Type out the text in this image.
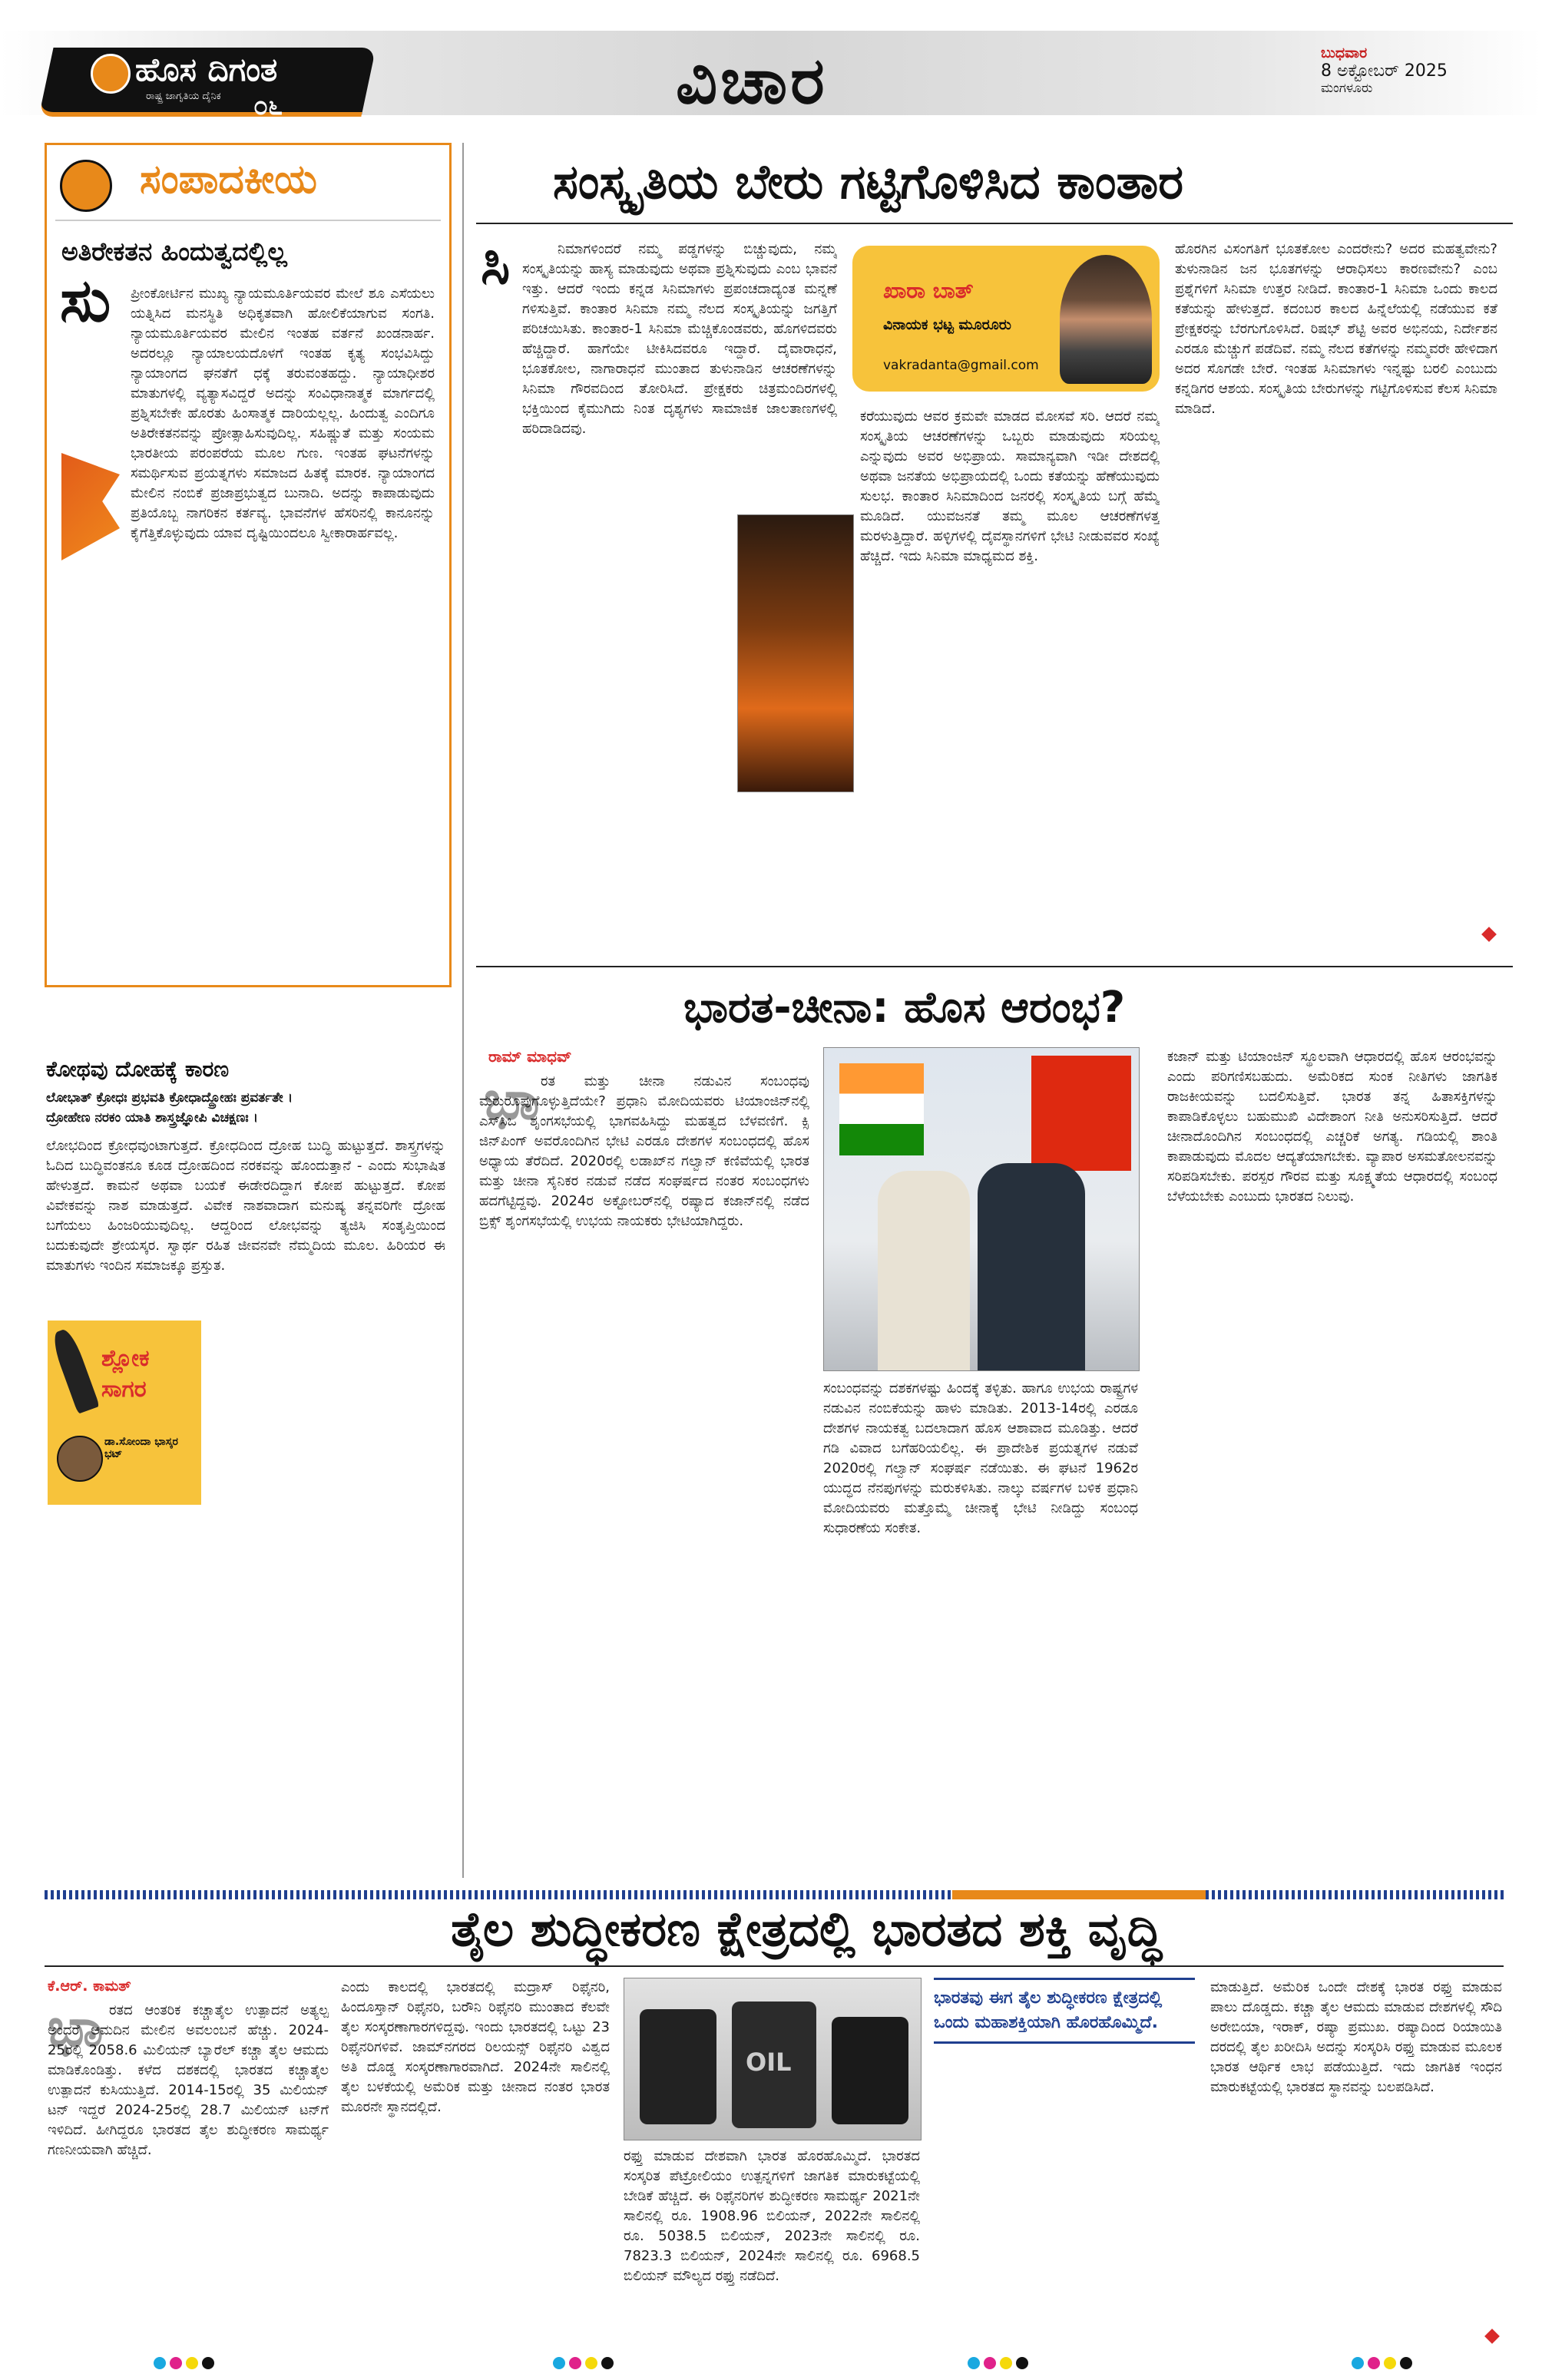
ಹೊಸ ದಿಗಂತ
ರಾಷ್ಟ್ರ ಜಾಗೃತಿಯ ದೈನಿಕ ೦೬	ವಿಚಾರ	ಬುಧವಾರ
8 ಅಕ್ಟೋಬರ್ 2025
ಮಂಗಳೂರು
ಸಂಪಾದಕೀಯ
ಅತಿರೇಕತನ ಹಿಂದುತ್ವದಲ್ಲಿಲ್ಲ
ಸು ಪ್ರೀಂಕೋರ್ಟಿನ ಮುಖ್ಯ ನ್ಯಾಯಮೂರ್ತಿಯವರ ಮೇಲೆ ಶೂ ಎಸೆಯಲು ಯತ್ನಿಸಿದ ಮನಸ್ಥಿತಿ ಅಧಿಕೃತವಾಗಿ ಹೋಲಿಕೆಯಾಗುವ ಸಂಗತಿ. ನ್ಯಾಯಮೂರ್ತಿಯವರ ಮೇಲಿನ ಇಂತಹ ವರ್ತನೆ ಖಂಡನಾರ್ಹ. ಅದರಲ್ಲೂ ನ್ಯಾಯಾಲಯದೊಳಗೆ ಇಂತಹ ಕೃತ್ಯ ಸಂಭವಿಸಿದ್ದು ನ್ಯಾಯಾಂಗದ ಘನತೆಗೆ ಧಕ್ಕೆ ತರುವಂತಹದ್ದು. ನ್ಯಾಯಾಧೀಶರ ಮಾತುಗಳಲ್ಲಿ ವ್ಯತ್ಯಾಸವಿದ್ದರೆ ಅದನ್ನು ಸಂವಿಧಾನಾತ್ಮಕ ಮಾರ್ಗದಲ್ಲಿ ಪ್ರಶ್ನಿಸಬೇಕೇ ಹೊರತು ಹಿಂಸಾತ್ಮಕ ದಾರಿಯಲ್ಲಲ್ಲ. ಹಿಂದುತ್ವ ಎಂದಿಗೂ ಅತಿರೇಕತನವನ್ನು ಪ್ರೋತ್ಸಾಹಿಸುವುದಿಲ್ಲ. ಸಹಿಷ್ಣುತೆ ಮತ್ತು ಸಂಯಮ ಭಾರತೀಯ ಪರಂಪರೆಯ ಮೂಲ ಗುಣ. ಇಂತಹ ಘಟನೆಗಳನ್ನು ಸಮರ್ಥಿಸುವ ಪ್ರಯತ್ನಗಳು ಸಮಾಜದ ಹಿತಕ್ಕೆ ಮಾರಕ. ನ್ಯಾಯಾಂಗದ ಮೇಲಿನ ನಂಬಿಕೆ ಪ್ರಜಾಪ್ರಭುತ್ವದ ಬುನಾದಿ. ಅದನ್ನು ಕಾಪಾಡುವುದು ಪ್ರತಿಯೊಬ್ಬ ನಾಗರಿಕನ ಕರ್ತವ್ಯ. ಭಾವನೆಗಳ ಹೆಸರಿನಲ್ಲಿ ಕಾನೂನನ್ನು ಕೈಗೆತ್ತಿಕೊಳ್ಳುವುದು ಯಾವ ದೃಷ್ಟಿಯಿಂದಲೂ ಸ್ವೀಕಾರಾರ್ಹವಲ್ಲ.
ಕೋಥವು ದೋಹಕ್ಕೆ ಕಾರಣ
ಲೋಭಾತ್ ಕ್ರೋಧಃ ಪ್ರಭವತಿ ಕ್ರೋಧಾದ್ದ್ರೋಹಃ ಪ್ರವರ್ತತೇ ।
ದ್ರೋಹೇಣ ನರಕಂ ಯಾತಿ ಶಾಸ್ತ್ರಜ್ಞೋಪಿ ವಿಚಕ್ಷಣಃ ।
ಲೋಭದಿಂದ ಕ್ರೋಧವುಂಟಾಗುತ್ತದೆ. ಕ್ರೋಧದಿಂದ ದ್ರೋಹ ಬುದ್ಧಿ ಹುಟ್ಟುತ್ತದೆ. ಶಾಸ್ತ್ರಗಳನ್ನು ಓದಿದ ಬುದ್ಧಿವಂತನೂ ಕೂಡ ದ್ರೋಹದಿಂದ ನರಕವನ್ನು ಹೊಂದುತ್ತಾನೆ - ಎಂದು ಸುಭಾಷಿತ ಹೇಳುತ್ತದೆ. ಕಾಮನೆ ಅಥವಾ ಬಯಕೆ ಈಡೇರದಿದ್ದಾಗ ಕೋಪ ಹುಟ್ಟುತ್ತದೆ. ಕೋಪ ವಿವೇಕವನ್ನು ನಾಶ ಮಾಡುತ್ತದೆ. ವಿವೇಕ ನಾಶವಾದಾಗ ಮನುಷ್ಯ ತನ್ನವರಿಗೇ ದ್ರೋಹ ಬಗೆಯಲು ಹಿಂಜರಿಯುವುದಿಲ್ಲ. ಆದ್ದರಿಂದ ಲೋಭವನ್ನು ತ್ಯಜಿಸಿ ಸಂತೃಪ್ತಿಯಿಂದ ಬದುಕುವುದೇ ಶ್ರೇಯಸ್ಕರ. ಸ್ವಾರ್ಥ ರಹಿತ ಜೀವನವೇ ನೆಮ್ಮದಿಯ ಮೂಲ. ಹಿರಿಯರ ಈ ಮಾತುಗಳು ಇಂದಿನ ಸಮಾಜಕ್ಕೂ ಪ್ರಸ್ತುತ.
ಶ್ಲೋಕ ಸಾಗರ
ಡಾ.ಸೋಂದಾ ಭಾಸ್ಕರ ಭಟ್
ಸಂಸ್ಕೃತಿಯ ಬೇರು ಗಟ್ಟಿಗೊಳಿಸಿದ ಕಾಂತಾರ
ನಿಮಾಗಳಿಂದರೆ ನಮ್ಮ ಪಡ್ಡಗಳನ್ನು ಬಿಚ್ಚುವುದು, ನಮ್ಮ ಸಂಸ್ಕೃತಿಯನ್ನು ಹಾಸ್ಯ ಮಾಡುವುದು ಅಥವಾ ಪ್ರಶ್ನಿಸುವುದು ಎಂಬ ಭಾವನೆ ಇತ್ತು. ಆದರೆ ಇಂದು ಕನ್ನಡ ಸಿನಿಮಾಗಳು ಪ್ರಪಂಚದಾದ್ಯಂತ ಮನ್ನಣೆ ಗಳಿಸುತ್ತಿವೆ. ಕಾಂತಾರ ಸಿನಿಮಾ ನಮ್ಮ ನೆಲದ ಸಂಸ್ಕೃತಿಯನ್ನು ಜಗತ್ತಿಗೆ ಪರಿಚಯಿಸಿತು. ಕಾಂತಾರ-1 ಸಿನಿಮಾ ಮೆಚ್ಚಿಕೊಂಡವರು, ಹೊಗಳಿದವರು ಹೆಚ್ಚಿದ್ದಾರೆ. ಹಾಗೆಯೇ ಟೀಕಿಸಿದವರೂ ಇದ್ದಾರೆ. ದೈವಾರಾಧನೆ, ಭೂತಕೋಲ, ನಾಗಾರಾಧನೆ ಮುಂತಾದ ತುಳುನಾಡಿನ ಆಚರಣೆಗಳನ್ನು ಸಿನಿಮಾ ಗೌರವದಿಂದ ತೋರಿಸಿದೆ. ಪ್ರೇಕ್ಷಕರು ಚಿತ್ರಮಂದಿರಗಳಲ್ಲಿ ಭಕ್ತಿಯಿಂದ ಕೈಮುಗಿದು ನಿಂತ ದೃಶ್ಯಗಳು ಸಾಮಾಜಿಕ ಜಾಲತಾಣಗಳಲ್ಲಿ ಹರಿದಾಡಿದವು.
ಸಿ	ಖಾರಾ ಬಾತ್
ವಿನಾಯಕ ಭಟ್ಟ ಮೂರೂರು
vakradanta@gmail.com
ಕರೆಯುವುದು ಆವರ ಕ್ರಮವೇ ಮಾಡದ ಮೋಸವೆ ಸರಿ. ಆದರೆ ನಮ್ಮ ಸಂಸ್ಕೃತಿಯ ಆಚರಣೆಗಳನ್ನು ಒಬ್ಬರು ಮಾಡುವುದು ಸರಿಯಲ್ಲ ಎನ್ನುವುದು ಅವರ ಅಭಿಪ್ರಾಯ. ಸಾಮಾನ್ಯವಾಗಿ ಇಡೀ ದೇಶದಲ್ಲಿ ಅಥವಾ ಜನತೆಯ ಅಭಿಪ್ರಾಯದಲ್ಲಿ ಒಂದು ಕತೆಯನ್ನು ಹೆಣೆಯುವುದು ಸುಲಭ. ಕಾಂತಾರ ಸಿನಿಮಾದಿಂದ ಜನರಲ್ಲಿ ಸಂಸ್ಕೃತಿಯ ಬಗ್ಗೆ ಹೆಮ್ಮೆ ಮೂಡಿದೆ. ಯುವಜನತೆ ತಮ್ಮ ಮೂಲ ಆಚರಣೆಗಳತ್ತ ಮರಳುತ್ತಿದ್ದಾರೆ. ಹಳ್ಳಿಗಳಲ್ಲಿ ದೈವಸ್ಥಾನಗಳಿಗೆ ಭೇಟಿ ನೀಡುವವರ ಸಂಖ್ಯೆ ಹೆಚ್ಚಿದೆ. ಇದು ಸಿನಿಮಾ ಮಾಧ್ಯಮದ ಶಕ್ತಿ.
ಹೊರಗಿನ ವಿಸಂಗತಿಗೆ ಭೂತಕೋಲ ಎಂದರೇನು? ಅದರ ಮಹತ್ವವೇನು? ತುಳುನಾಡಿನ ಜನ ಭೂತಗಳನ್ನು ಆರಾಧಿಸಲು ಕಾರಣವೇನು? ಎಂಬ ಪ್ರಶ್ನೆಗಳಿಗೆ ಸಿನಿಮಾ ಉತ್ತರ ನೀಡಿದೆ. ಕಾಂತಾರ-1 ಸಿನಿಮಾ ಒಂದು ಕಾಲದ ಕತೆಯನ್ನು ಹೇಳುತ್ತದೆ. ಕದಂಬರ ಕಾಲದ ಹಿನ್ನೆಲೆಯಲ್ಲಿ ನಡೆಯುವ ಕತೆ ಪ್ರೇಕ್ಷಕರನ್ನು ಬೆರಗುಗೊಳಿಸಿದೆ. ರಿಷಭ್ ಶೆಟ್ಟಿ ಅವರ ಅಭಿನಯ, ನಿರ್ದೇಶನ ಎರಡೂ ಮೆಚ್ಚುಗೆ ಪಡೆದಿವೆ. ನಮ್ಮ ನೆಲದ ಕತೆಗಳನ್ನು ನಮ್ಮವರೇ ಹೇಳಿದಾಗ ಅದರ ಸೊಗಡೇ ಬೇರೆ. ಇಂತಹ ಸಿನಿಮಾಗಳು ಇನ್ನಷ್ಟು ಬರಲಿ ಎಂಬುದು ಕನ್ನಡಿಗರ ಆಶಯ. ಸಂಸ್ಕೃತಿಯ ಬೇರುಗಳನ್ನು ಗಟ್ಟಿಗೊಳಿಸುವ ಕೆಲಸ ಸಿನಿಮಾ ಮಾಡಿದೆ.
ಭಾರತ-ಚೀನಾ: ಹೊಸ ಆರಂಭ?
ರಾಮ್ ಮಾಧವ್
ಭಾ ರತ ಮತ್ತು ಚೀನಾ ನಡುವಿನ ಸಂಬಂಧವು ಮರುರೂಪುಗೊಳ್ಳುತ್ತಿದೆಯೇ? ಪ್ರಧಾನಿ ಮೋದಿಯವರು ಟಿಯಾಂಜಿನ್‌ನಲ್ಲಿ ಎಸ್‌ಸಿಒ ಶೃಂಗಸಭೆಯಲ್ಲಿ ಭಾಗವಹಿಸಿದ್ದು ಮಹತ್ವದ ಬೆಳವಣಿಗೆ. ಕ್ಸಿ ಜಿನ್‌ಪಿಂಗ್ ಅವರೊಂದಿಗಿನ ಭೇಟಿ ಎರಡೂ ದೇಶಗಳ ಸಂಬಂಧದಲ್ಲಿ ಹೊಸ ಅಧ್ಯಾಯ ತೆರೆದಿದೆ. 2020ರಲ್ಲಿ ಲಡಾಖ್‌ನ ಗಲ್ವಾನ್ ಕಣಿವೆಯಲ್ಲಿ ಭಾರತ ಮತ್ತು ಚೀನಾ ಸೈನಿಕರ ನಡುವೆ ನಡೆದ ಸಂಘರ್ಷದ ನಂತರ ಸಂಬಂಧಗಳು ಹದಗೆಟ್ಟಿದ್ದವು. 2024ರ ಅಕ್ಟೋಬರ್‌ನಲ್ಲಿ ರಷ್ಯಾದ ಕಜಾನ್‌ನಲ್ಲಿ ನಡೆದ ಬ್ರಿಕ್ಸ್ ಶೃಂಗಸಭೆಯಲ್ಲಿ ಉಭಯ ನಾಯಕರು ಭೇಟಿಯಾಗಿದ್ದರು.
ಸಂಬಂಧವನ್ನು ದಶಕಗಳಷ್ಟು ಹಿಂದಕ್ಕೆ ತಳ್ಳಿತು. ಹಾಗೂ ಉಭಯ ರಾಷ್ಟ್ರಗಳ ನಡುವಿನ ನಂಬಿಕೆಯನ್ನು ಹಾಳು ಮಾಡಿತು. 2013-14ರಲ್ಲಿ ಎರಡೂ ದೇಶಗಳ ನಾಯಕತ್ವ ಬದಲಾದಾಗ ಹೊಸ ಆಶಾವಾದ ಮೂಡಿತ್ತು. ಆದರೆ ಗಡಿ ವಿವಾದ ಬಗೆಹರಿಯಲಿಲ್ಲ. ಈ ಪ್ರಾದೇಶಿಕ ಪ್ರಯತ್ನಗಳ ನಡುವೆ 2020ರಲ್ಲಿ ಗಲ್ವಾನ್ ಸಂಘರ್ಷ ನಡೆಯಿತು. ಈ ಘಟನೆ 1962ರ ಯುದ್ಧದ ನೆನಪುಗಳನ್ನು ಮರುಕಳಿಸಿತು. ನಾಲ್ಕು ವರ್ಷಗಳ ಬಳಿಕ ಪ್ರಧಾನಿ ಮೋದಿಯವರು ಮತ್ತೊಮ್ಮೆ ಚೀನಾಕ್ಕೆ ಭೇಟಿ ನೀಡಿದ್ದು ಸಂಬಂಧ ಸುಧಾರಣೆಯ ಸಂಕೇತ.
ಕಜಾನ್ ಮತ್ತು ಟಿಯಾಂಜಿನ್ ಸ್ಥೂಲವಾಗಿ ಆಧಾರದಲ್ಲಿ ಹೊಸ ಆರಂಭವನ್ನು ಎಂದು ಪರಿಗಣಿಸಬಹುದು. ಅಮೆರಿಕದ ಸುಂಕ ನೀತಿಗಳು ಜಾಗತಿಕ ರಾಜಕೀಯವನ್ನು ಬದಲಿಸುತ್ತಿವೆ. ಭಾರತ ತನ್ನ ಹಿತಾಸಕ್ತಿಗಳನ್ನು ಕಾಪಾಡಿಕೊಳ್ಳಲು ಬಹುಮುಖಿ ವಿದೇಶಾಂಗ ನೀತಿ ಅನುಸರಿಸುತ್ತಿದೆ. ಆದರೆ ಚೀನಾದೊಂದಿಗಿನ ಸಂಬಂಧದಲ್ಲಿ ಎಚ್ಚರಿಕೆ ಅಗತ್ಯ. ಗಡಿಯಲ್ಲಿ ಶಾಂತಿ ಕಾಪಾಡುವುದು ಮೊದಲ ಆದ್ಯತೆಯಾಗಬೇಕು. ವ್ಯಾಪಾರ ಅಸಮತೋಲನವನ್ನು ಸರಿಪಡಿಸಬೇಕು. ಪರಸ್ಪರ ಗೌರವ ಮತ್ತು ಸೂಕ್ಷ್ಮತೆಯ ಆಧಾರದಲ್ಲಿ ಸಂಬಂಧ ಬೆಳೆಯಬೇಕು ಎಂಬುದು ಭಾರತದ ನಿಲುವು.
ತೈಲ ಶುದ್ಧೀಕರಣ ಕ್ಷೇತ್ರದಲ್ಲಿ ಭಾರತದ ಶಕ್ತಿ ವೃದ್ಧಿ
ಕೆ.ಆರ್. ಕಾಮತ್
ಭಾ ರತದ ಆಂತರಿಕ ಕಚ್ಚಾತೈಲ ಉತ್ಪಾದನೆ ಅತ್ಯಲ್ಪ ಅಂದರೆ ಆಮದಿನ ಮೇಲಿನ ಅವಲಂಬನೆ ಹೆಚ್ಚು. 2024-25ರಲ್ಲಿ 2058.6 ಮಿಲಿಯನ್ ಬ್ಯಾರೆಲ್ ಕಚ್ಚಾ ತೈಲ ಆಮದು ಮಾಡಿಕೊಂಡಿತ್ತು. ಕಳೆದ ದಶಕದಲ್ಲಿ ಭಾರತದ ಕಚ್ಚಾತೈಲ ಉತ್ಪಾದನೆ ಕುಸಿಯುತ್ತಿದೆ. 2014-15ರಲ್ಲಿ 35 ಮಿಲಿಯನ್ ಟನ್ ಇದ್ದರೆ 2024-25ರಲ್ಲಿ 28.7 ಮಿಲಿಯನ್ ಟನ್‌ಗೆ ಇಳಿದಿದೆ. ಹೀಗಿದ್ದರೂ ಭಾರತದ ತೈಲ ಶುದ್ಧೀಕರಣ ಸಾಮರ್ಥ್ಯ ಗಣನೀಯವಾಗಿ ಹೆಚ್ಚಿದೆ.
ಎಂದು ಕಾಲದಲ್ಲಿ ಭಾರತದಲ್ಲಿ ಮದ್ರಾಸ್ ರಿಫೈನರಿ, ಹಿಂದೂಸ್ತಾನ್ ರಿಫೈನರಿ, ಬರೌನಿ ರಿಫೈನರಿ ಮುಂತಾದ ಕೆಲವೇ ತೈಲ ಸಂಸ್ಕರಣಾಗಾರಗಳಿದ್ದವು. ಇಂದು ಭಾರತದಲ್ಲಿ ಒಟ್ಟು 23 ರಿಫೈನರಿಗಳಿವೆ. ಜಾಮ್‌ನಗರದ ರಿಲಯನ್ಸ್ ರಿಫೈನರಿ ವಿಶ್ವದ ಅತಿ ದೊಡ್ಡ ಸಂಸ್ಕರಣಾಗಾರವಾಗಿದೆ. 2024ನೇ ಸಾಲಿನಲ್ಲಿ ತೈಲ ಬಳಕೆಯಲ್ಲಿ ಅಮೆರಿಕ ಮತ್ತು ಚೀನಾದ ನಂತರ ಭಾರತ ಮೂರನೇ ಸ್ಥಾನದಲ್ಲಿದೆ.
OIL
ರಫ್ತು ಮಾಡುವ ದೇಶವಾಗಿ ಭಾರತ ಹೊರಹೊಮ್ಮಿದೆ. ಭಾರತದ ಸಂಸ್ಕರಿತ ಪೆಟ್ರೋಲಿಯಂ ಉತ್ಪನ್ನಗಳಿಗೆ ಜಾಗತಿಕ ಮಾರುಕಟ್ಟೆಯಲ್ಲಿ ಬೇಡಿಕೆ ಹೆಚ್ಚಿದೆ. ಈ ರಿಫೈನರಿಗಳ ಶುದ್ಧೀಕರಣ ಸಾಮರ್ಥ್ಯ 2021ನೇ ಸಾಲಿನಲ್ಲಿ ರೂ. 1908.96 ಬಿಲಿಯನ್, 2022ನೇ ಸಾಲಿನಲ್ಲಿ ರೂ. 5038.5 ಬಿಲಿಯನ್, 2023ನೇ ಸಾಲಿನಲ್ಲಿ ರೂ. 7823.3 ಬಿಲಿಯನ್, 2024ನೇ ಸಾಲಿನಲ್ಲಿ ರೂ. 6968.5 ಬಿಲಿಯನ್ ಮೌಲ್ಯದ ರಫ್ತು ನಡೆದಿದೆ.
ಭಾರತವು ಈಗ ತೈಲ ಶುದ್ಧೀಕರಣ ಕ್ಷೇತ್ರದಲ್ಲಿ ಒಂದು ಮಹಾಶಕ್ತಿಯಾಗಿ ಹೊರಹೊಮ್ಮಿದೆ.
ಮಾಡುತ್ತಿದೆ. ಅಮೆರಿಕ ಒಂದೇ ದೇಶಕ್ಕೆ ಭಾರತ ರಫ್ತು ಮಾಡುವ ಪಾಲು ದೊಡ್ಡದು. ಕಚ್ಚಾ ತೈಲ ಆಮದು ಮಾಡುವ ದೇಶಗಳಲ್ಲಿ ಸೌದಿ ಅರೇಬಿಯಾ, ಇರಾಕ್, ರಷ್ಯಾ ಪ್ರಮುಖ. ರಷ್ಯಾದಿಂದ ರಿಯಾಯಿತಿ ದರದಲ್ಲಿ ತೈಲ ಖರೀದಿಸಿ ಅದನ್ನು ಸಂಸ್ಕರಿಸಿ ರಫ್ತು ಮಾಡುವ ಮೂಲಕ ಭಾರತ ಆರ್ಥಿಕ ಲಾಭ ಪಡೆಯುತ್ತಿದೆ. ಇದು ಜಾಗತಿಕ ಇಂಧನ ಮಾರುಕಟ್ಟೆಯಲ್ಲಿ ಭಾರತದ ಸ್ಥಾನವನ್ನು ಬಲಪಡಿಸಿದೆ.
